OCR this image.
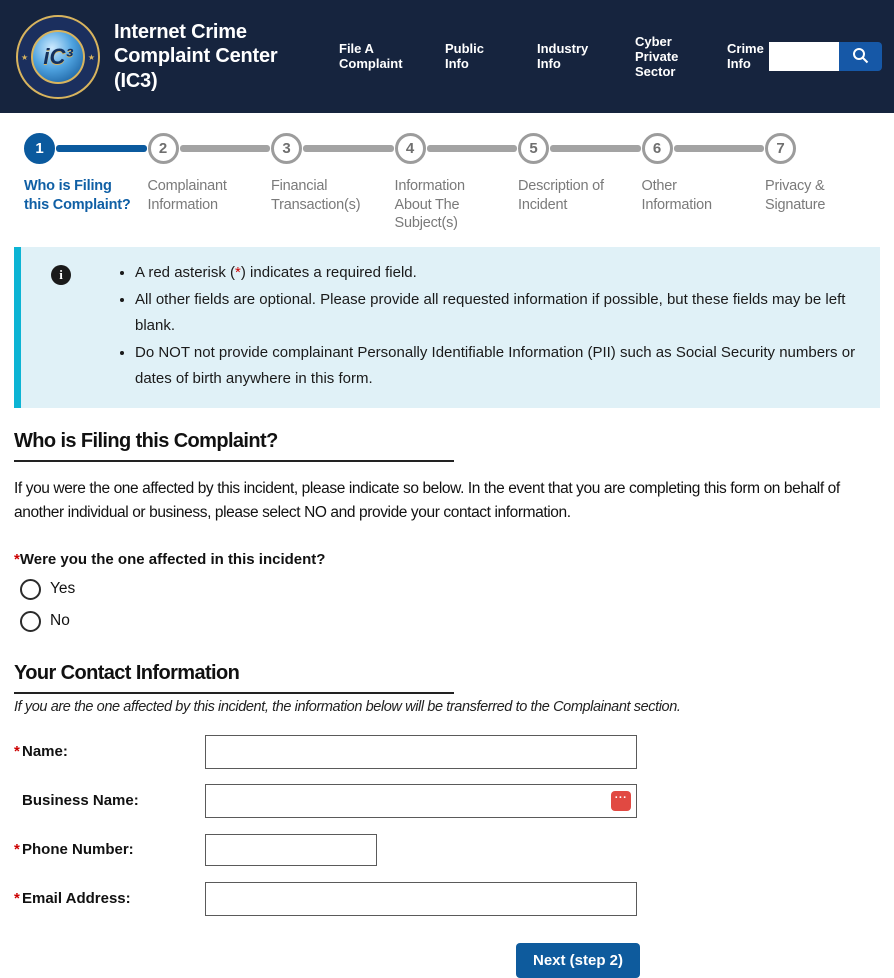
★	★
iC³
Internet Crime Complaint Center (IC3)
File A Complaint
Public Info
Industry Info
Cyber Private Sector
Crime Info
1
Who is Filing this Complaint?
2
Complainant Information
3
Financial Transaction(s)
4
Information About The Subject(s)
5
Description of Incident
6
Other Information
7
Privacy & Signature
i	• A red asterisk (*) indicates a required field.
• All other fields are optional. Please provide all requested information if possible, but these fields may be left blank.
• Do NOT not provide complainant Personally Identifiable Information (PII) such as Social Security numbers or dates of birth anywhere in this form.
Who is Filing this Complaint?

If you were the one affected by this incident, please indicate so below. In the event that you are completing this form on behalf of another individual or business, please select NO and provide your contact information.

*Were you the one affected in this incident?
Yes
No
Your Contact Information
If you are the one affected by this incident, the information below will be transferred to the Complainant section.
* Name:
Business Name:	···
* Phone Number:
* Email Address:
Next (step 2)
